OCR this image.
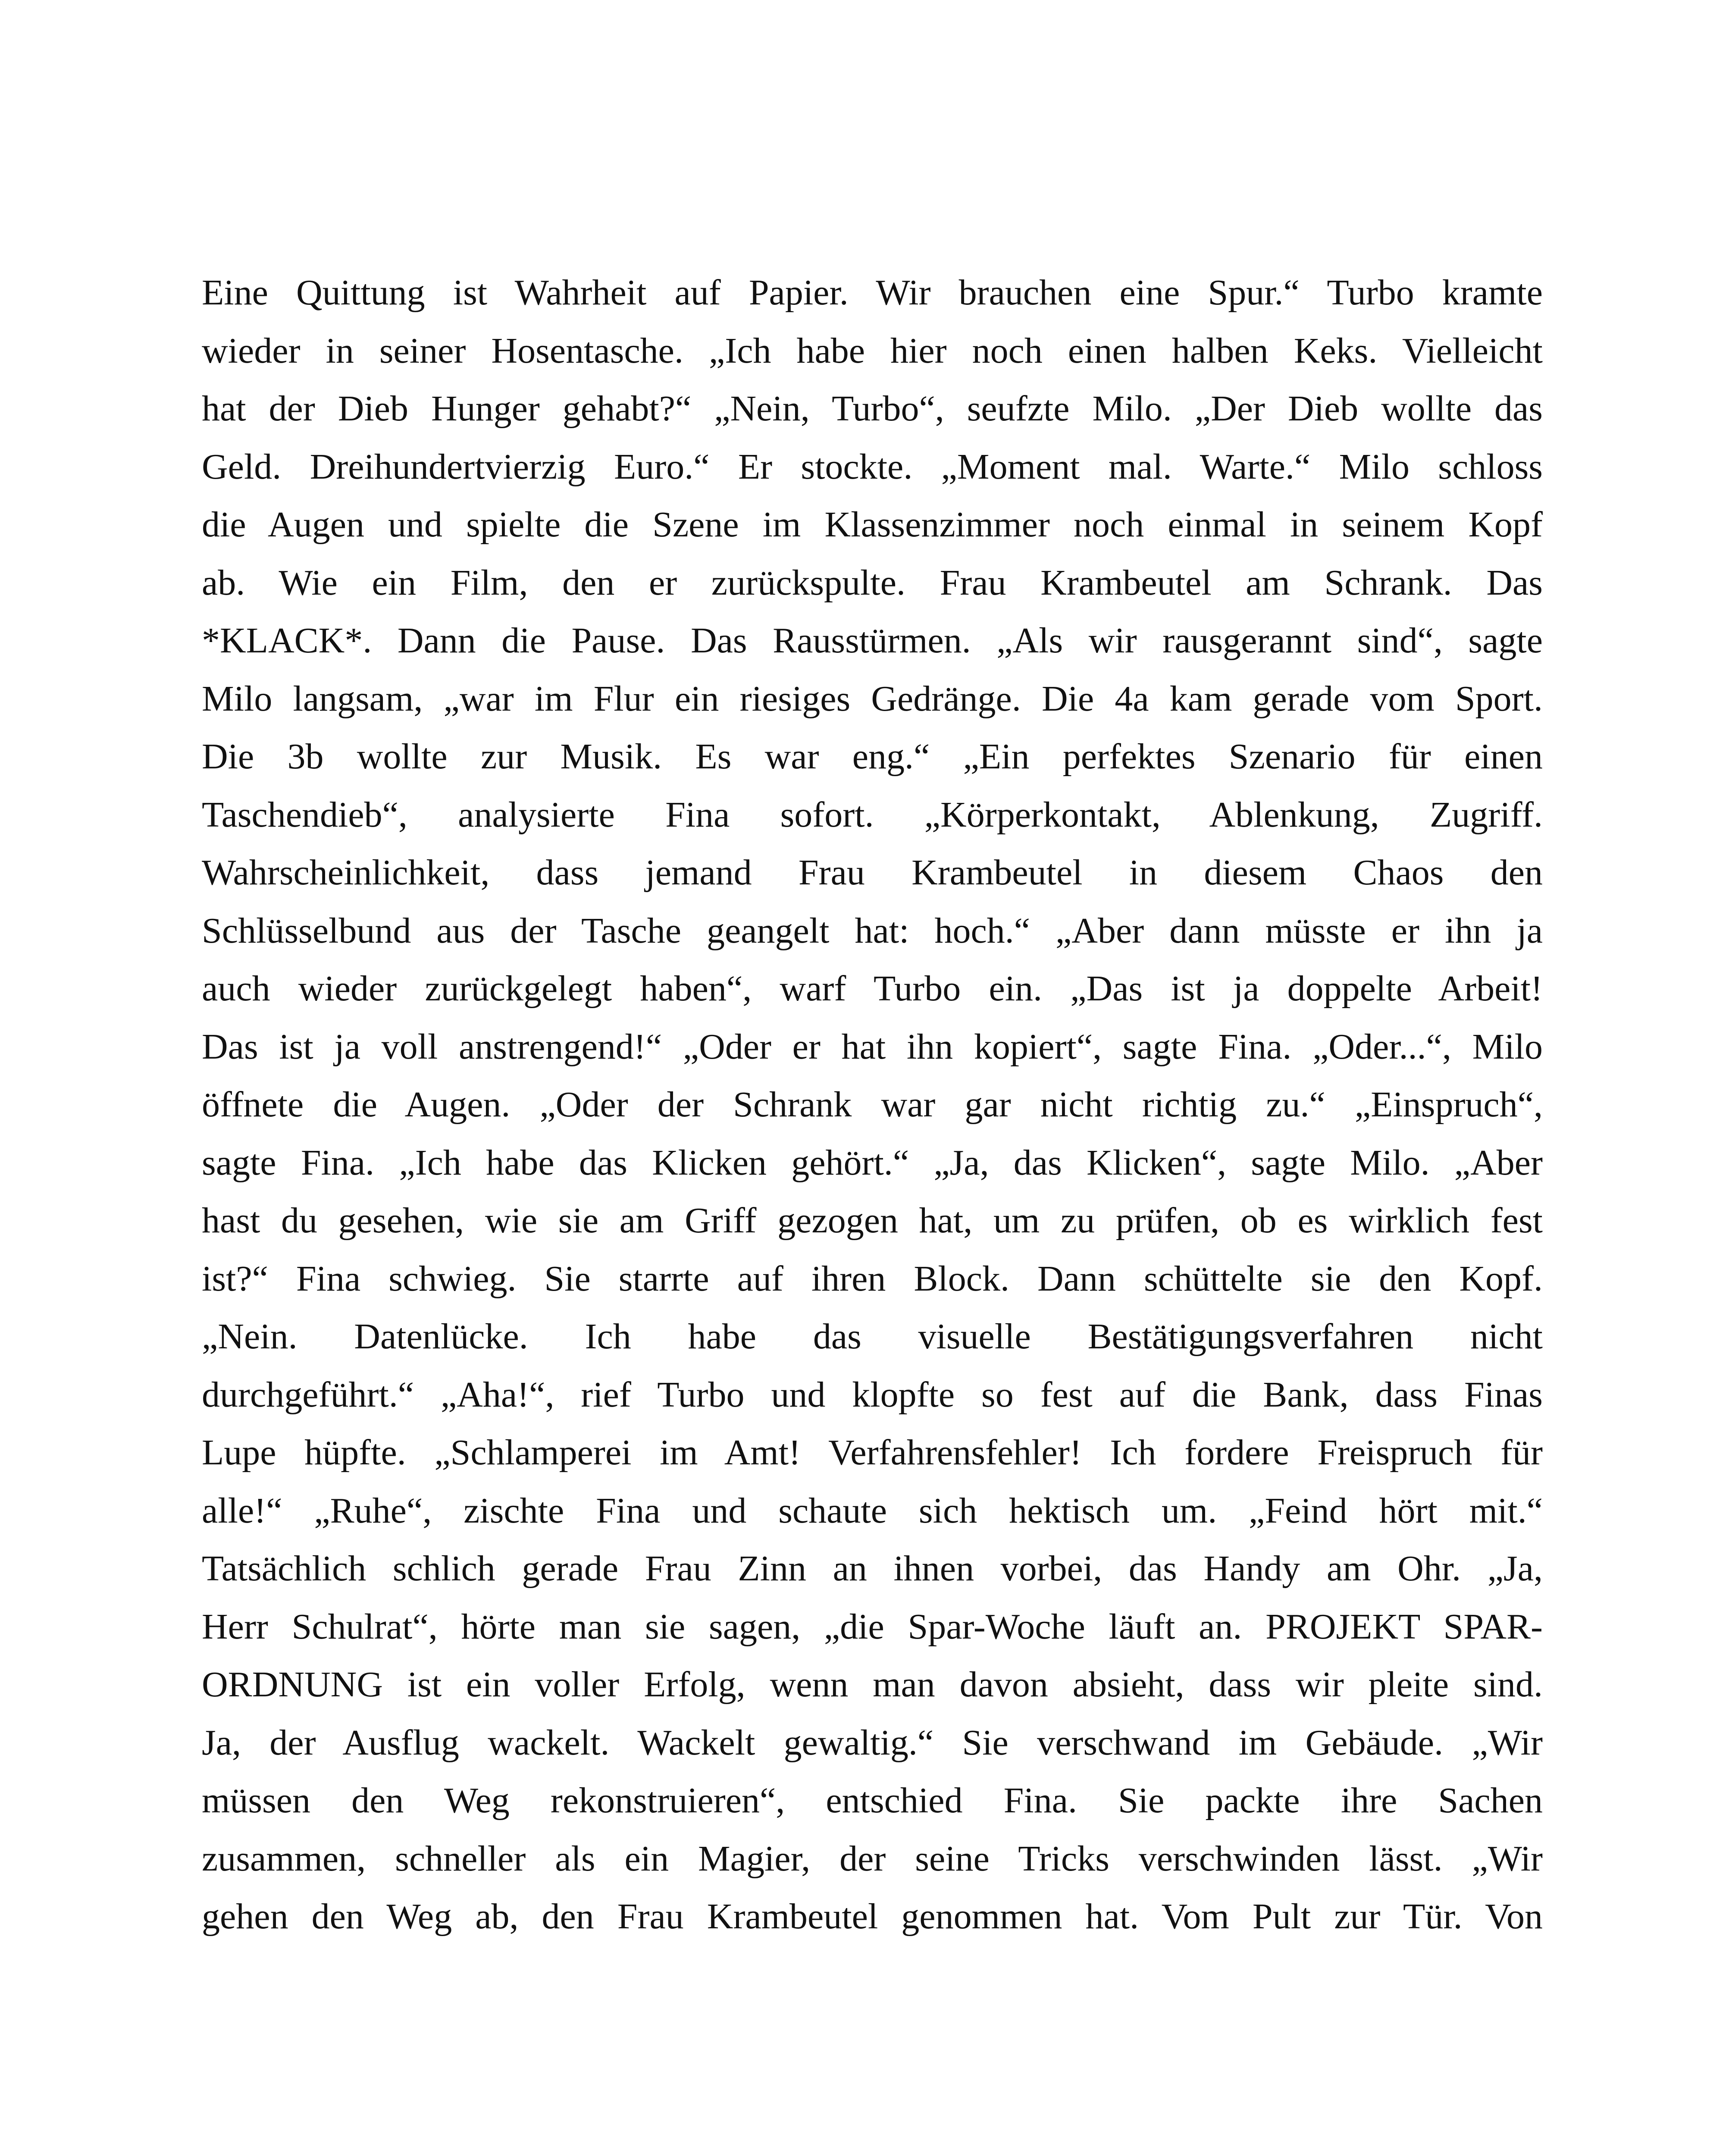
Eine Quittung ist Wahrheit auf Papier. Wir brauchen eine Spur.“ Turbo kramte
wieder in seiner Hosentasche. „Ich habe hier noch einen halben Keks. Vielleicht
hat der Dieb Hunger gehabt?“ „Nein, Turbo“, seufzte Milo. „Der Dieb wollte das
Geld. Dreihundertvierzig Euro.“ Er stockte. „Moment mal. Warte.“ Milo schloss
die Augen und spielte die Szene im Klassenzimmer noch einmal in seinem Kopf
ab. Wie ein Film, den er zurückspulte. Frau Krambeutel am Schrank. Das
*KLACK*. Dann die Pause. Das Rausstürmen. „Als wir rausgerannt sind“, sagte
Milo langsam, „war im Flur ein riesiges Gedränge. Die 4a kam gerade vom Sport.
Die 3b wollte zur Musik. Es war eng.“ „Ein perfektes Szenario für einen
Taschendieb“, analysierte Fina sofort. „Körperkontakt, Ablenkung, Zugriff.
Wahrscheinlichkeit, dass jemand Frau Krambeutel in diesem Chaos den
Schlüsselbund aus der Tasche geangelt hat: hoch.“ „Aber dann müsste er ihn ja
auch wieder zurückgelegt haben“, warf Turbo ein. „Das ist ja doppelte Arbeit!
Das ist ja voll anstrengend!“ „Oder er hat ihn kopiert“, sagte Fina. „Oder...“, Milo
öffnete die Augen. „Oder der Schrank war gar nicht richtig zu.“ „Einspruch“,
sagte Fina. „Ich habe das Klicken gehört.“ „Ja, das Klicken“, sagte Milo. „Aber
hast du gesehen, wie sie am Griff gezogen hat, um zu prüfen, ob es wirklich fest
ist?“ Fina schwieg. Sie starrte auf ihren Block. Dann schüttelte sie den Kopf.
„Nein. Datenlücke. Ich habe das visuelle Bestätigungsverfahren nicht
durchgeführt.“ „Aha!“, rief Turbo und klopfte so fest auf die Bank, dass Finas
Lupe hüpfte. „Schlamperei im Amt! Verfahrensfehler! Ich fordere Freispruch für
alle!“ „Ruhe“, zischte Fina und schaute sich hektisch um. „Feind hört mit.“
Tatsächlich schlich gerade Frau Zinn an ihnen vorbei, das Handy am Ohr. „Ja,
Herr Schulrat“, hörte man sie sagen, „die Spar-Woche läuft an. PROJEKT SPAR-
ORDNUNG ist ein voller Erfolg, wenn man davon absieht, dass wir pleite sind.
Ja, der Ausflug wackelt. Wackelt gewaltig.“ Sie verschwand im Gebäude. „Wir
müssen den Weg rekonstruieren“, entschied Fina. Sie packte ihre Sachen
zusammen, schneller als ein Magier, der seine Tricks verschwinden lässt. „Wir
gehen den Weg ab, den Frau Krambeutel genommen hat. Vom Pult zur Tür. Von
